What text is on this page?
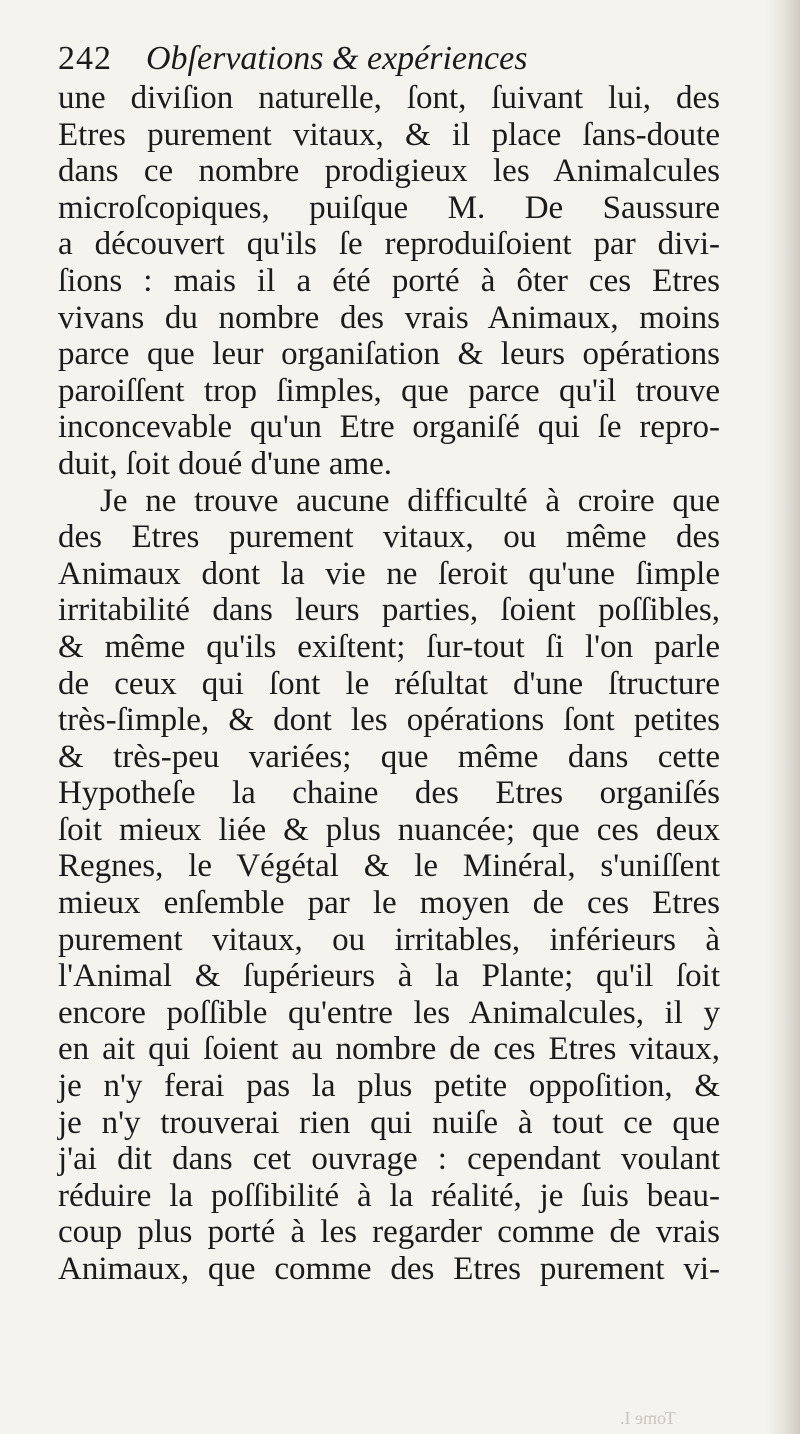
242 Obſervations & expériences
une diviſion naturelle, ſont, ſuivant lui, des
Etres purement vitaux, & il place ſans-doute
dans ce nombre prodigieux les Animalcules
microſcopiques, puiſque M. De Saussure
a découvert qu'ils ſe reproduiſoient par divi-
ſions : mais il a été porté à ôter ces Etres
vivans du nombre des vrais Animaux, moins
parce que leur organiſation & leurs opérations
paroiſſent trop ſimples, que parce qu'il trouve
inconcevable qu'un Etre organiſé qui ſe repro-
duit, ſoit doué d'une ame.
Je ne trouve aucune difficulté à croire que
des Etres purement vitaux, ou même des
Animaux dont la vie ne ſeroit qu'une ſimple
irritabilité dans leurs parties, ſoient poſſibles,
& même qu'ils exiſtent; ſur-tout ſi l'on parle
de ceux qui ſont le réſultat d'une ſtructure
très-ſimple, & dont les opérations ſont petites
& très-peu variées; que même dans cette
Hypotheſe la chaine des Etres organiſés
ſoit mieux liée & plus nuancée; que ces deux
Regnes, le Végétal & le Minéral, s'uniſſent
mieux enſemble par le moyen de ces Etres
purement vitaux, ou irritables, inférieurs à
l'Animal & ſupérieurs à la Plante; qu'il ſoit
encore poſſible qu'entre les Animalcules, il y
en ait qui ſoient au nombre de ces Etres vitaux,
je n'y ferai pas la plus petite oppoſition, &
je n'y trouverai rien qui nuiſe à tout ce que
j'ai dit dans cet ouvrage : cependant voulant
réduire la poſſibilité à la réalité, je ſuis beau-
coup plus porté à les regarder comme de vrais
Animaux, que comme des Etres purement vi-
Tome I.
